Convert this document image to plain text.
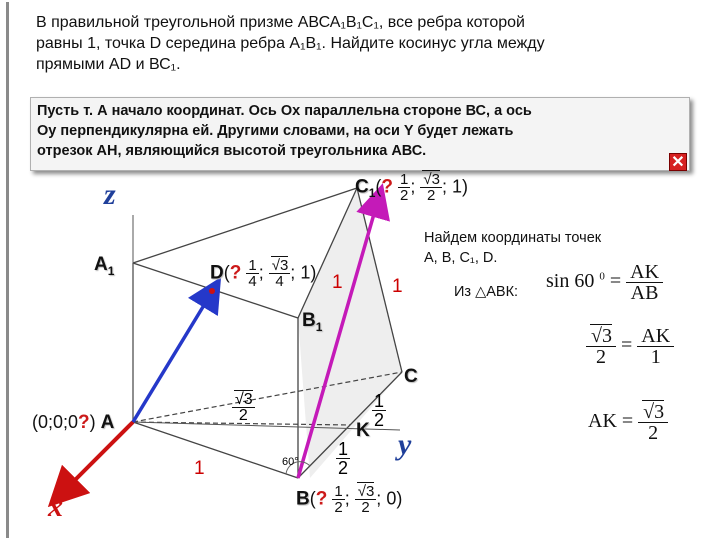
В правильной треугольной призме АВСА₁В₁С₁, все ребра которой
равны 1, точка D середина ребра А₁В₁. Найдите косинус угла между
прямыми АD и ВС₁.
Пусть т. А начало координат. Ось Ох параллельна стороне ВС, а ось
Оу перпендикулярна ей. Другими словами, на оси Y будет лежать
отрезок АН, являющийся высотой треугольника АВС.
✕
z
y
x
$A_1$
$B_1$
C
K
$C_1$(? $\frac{1}{2}$ ; √ $\frac{3}{2}$ ; 1)
D(? $\frac{1}{4}$ ; √ $\frac{3}{4}$ ; 1) 1	1
1
(0;0;0?) A	√ $\frac{3}{2}$	$\frac{1}{2}$
$\frac{1}{2}$
60°
B(? $\frac{1}{2}$ ; √ $\frac{3}{2}$ ; 0)
Найдем координаты точек
А, В, С₁, D.
Из △АВК: sin 60 $^0 = \frac{AK}{AB}$
√ $\frac{3}{2} = \frac{AK}{1}$
AK = √ $\frac{3}{2}$
